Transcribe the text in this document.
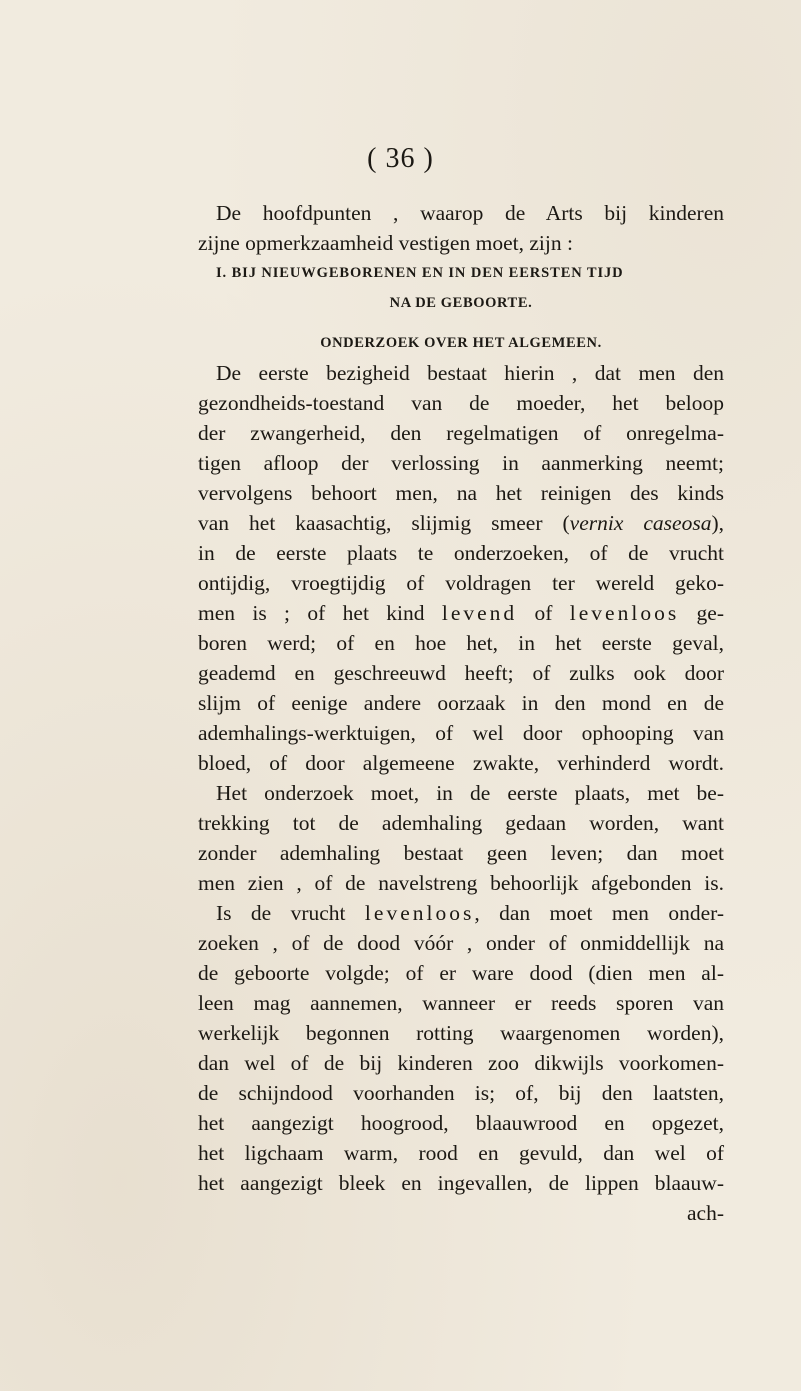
( 36 )
De hoofdpunten , waarop de Arts bij kinderen
zijne opmerkzaamheid vestigen moet, zijn :
I. BIJ NIEUWGEBORENEN EN IN DEN EERSTEN TIJD
NA DE GEBOORTE.
ONDERZOEK OVER HET ALGEMEEN.
De eerste bezigheid bestaat hierin , dat men den
gezondheids-toestand van de moeder, het beloop
der zwangerheid, den regelmatigen of onregelma-
tigen afloop der verlossing in aanmerking neemt;
vervolgens behoort men, na het reinigen des kinds
van het kaasachtig, slijmig smeer (vernix caseosa),
in de eerste plaats te onderzoeken, of de vrucht
ontijdig, vroegtijdig of voldragen ter wereld geko-
men is ; of het kind levend of levenloos ge-
boren werd; of en hoe het, in het eerste geval,
geademd en geschreeuwd heeft; of zulks ook door
slijm of eenige andere oorzaak in den mond en de
ademhalings-werktuigen, of wel door ophooping van
bloed, of door algemeene zwakte, verhinderd wordt.
Het onderzoek moet, in de eerste plaats, met be-
trekking tot de ademhaling gedaan worden, want
zonder ademhaling bestaat geen leven; dan moet
men zien , of de navelstreng behoorlijk afgebonden is.
Is de vrucht levenloos, dan moet men onder-
zoeken , of de dood vóór , onder of onmiddellijk na
de geboorte volgde; of er ware dood (dien men al-
leen mag aannemen, wanneer er reeds sporen van
werkelijk begonnen rotting waargenomen worden),
dan wel of de bij kinderen zoo dikwijls voorkomen-
de schijndood voorhanden is; of, bij den laatsten,
het aangezigt hoogrood, blaauwrood en opgezet,
het ligchaam warm, rood en gevuld, dan wel of
het aangezigt bleek en ingevallen, de lippen blaauw-
ach-
